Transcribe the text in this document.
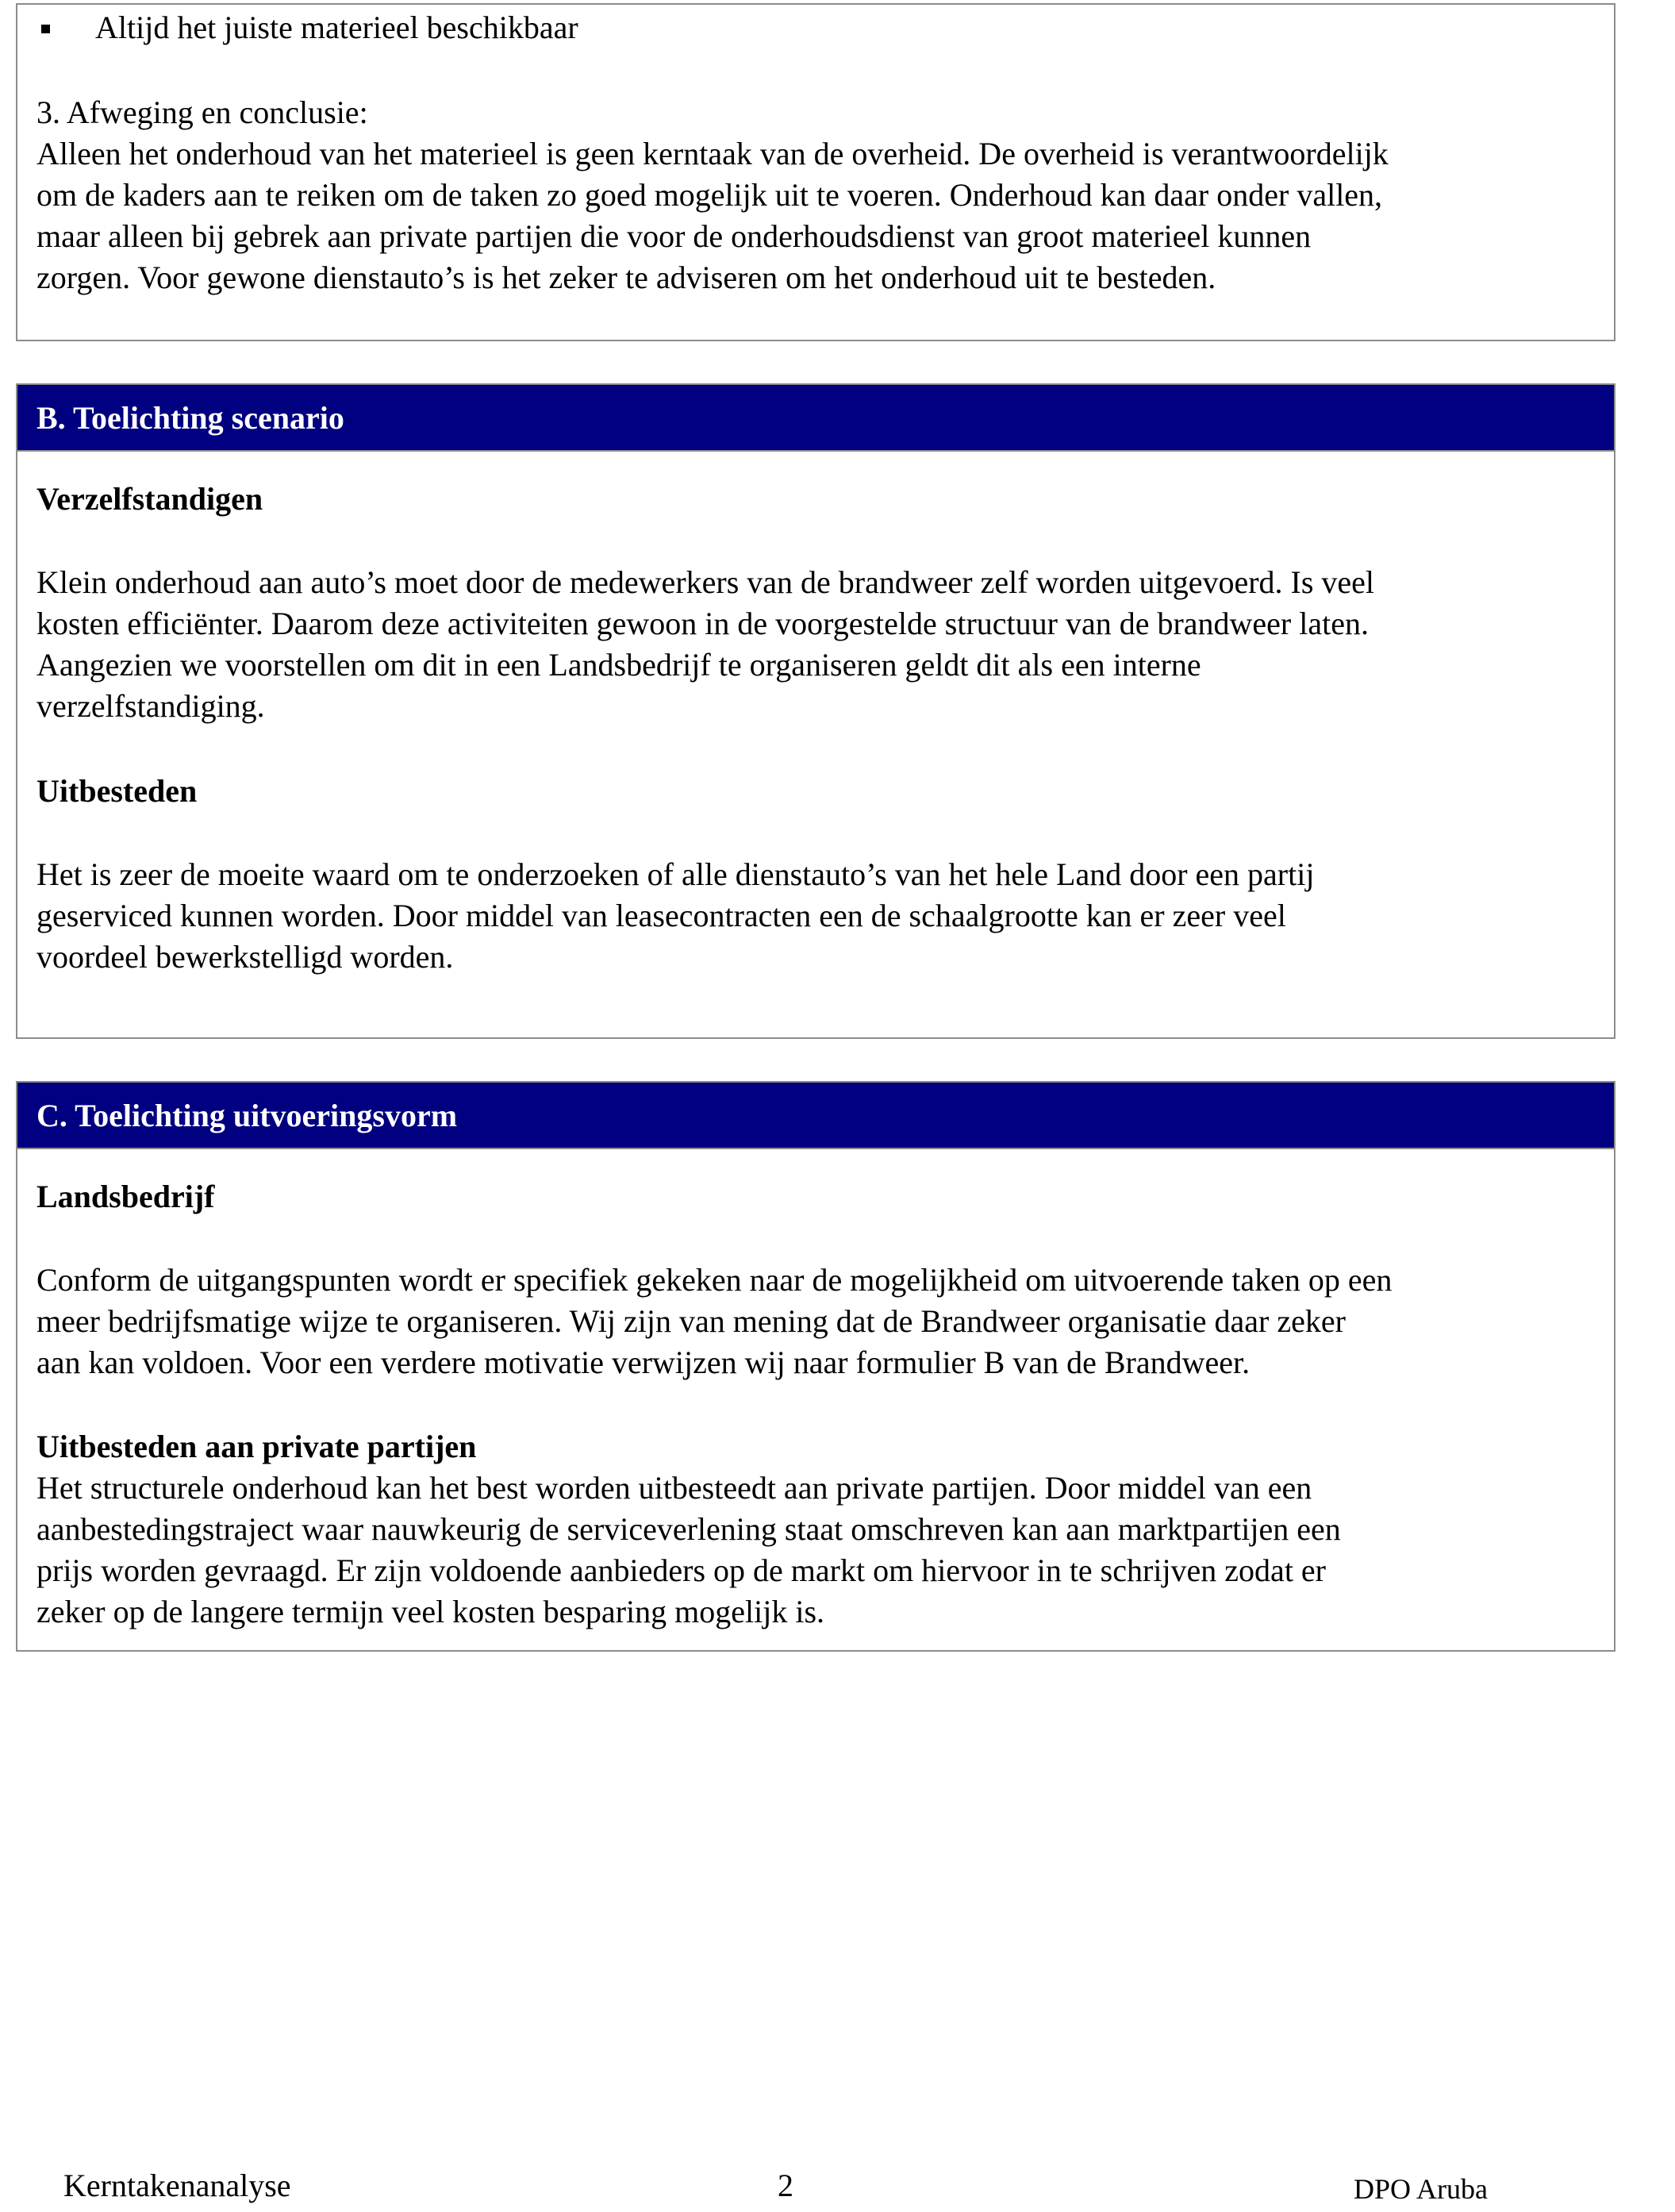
Altijd het juiste materieel beschikbaar
3. Afweging en conclusie:
Alleen het onderhoud van het materieel is geen kerntaak van de overheid. De overheid is verantwoordelijk
om de kaders aan te reiken om de taken zo goed mogelijk uit te voeren. Onderhoud kan daar onder vallen,
maar alleen bij gebrek aan private partijen die voor de onderhoudsdienst van groot materieel kunnen
zorgen. Voor gewone dienstauto’s is het zeker te adviseren om het onderhoud uit te besteden.
B. Toelichting scenario
Verzelfstandigen
Klein onderhoud aan auto’s moet door de medewerkers van de brandweer zelf worden uitgevoerd. Is veel
kosten efficiënter. Daarom deze activiteiten gewoon in de voorgestelde structuur van de brandweer laten.
Aangezien we voorstellen om dit in een Landsbedrijf te organiseren geldt dit als een interne
verzelfstandiging.
Uitbesteden
Het is zeer de moeite waard om te onderzoeken of alle dienstauto’s van het hele Land door een partij
geserviced kunnen worden. Door middel van leasecontracten een de schaalgrootte kan er zeer veel
voordeel bewerkstelligd worden.
C. Toelichting uitvoeringsvorm
Landsbedrijf
Conform de uitgangspunten wordt er specifiek gekeken naar de mogelijkheid om uitvoerende taken op een
meer bedrijfsmatige wijze te organiseren. Wij zijn van mening dat de Brandweer organisatie daar zeker
aan kan voldoen. Voor een verdere motivatie verwijzen wij naar formulier B van de Brandweer.
Uitbesteden aan private partijen
Het structurele onderhoud kan het best worden uitbesteedt aan private partijen. Door middel van een
aanbestedingstraject waar nauwkeurig de serviceverlening staat omschreven kan aan marktpartijen een
prijs worden gevraagd. Er zijn voldoende aanbieders op de markt om hiervoor in te schrijven zodat er
zeker op de langere termijn veel kosten besparing mogelijk is.
Kerntakenanalyse	2	DPO Aruba
